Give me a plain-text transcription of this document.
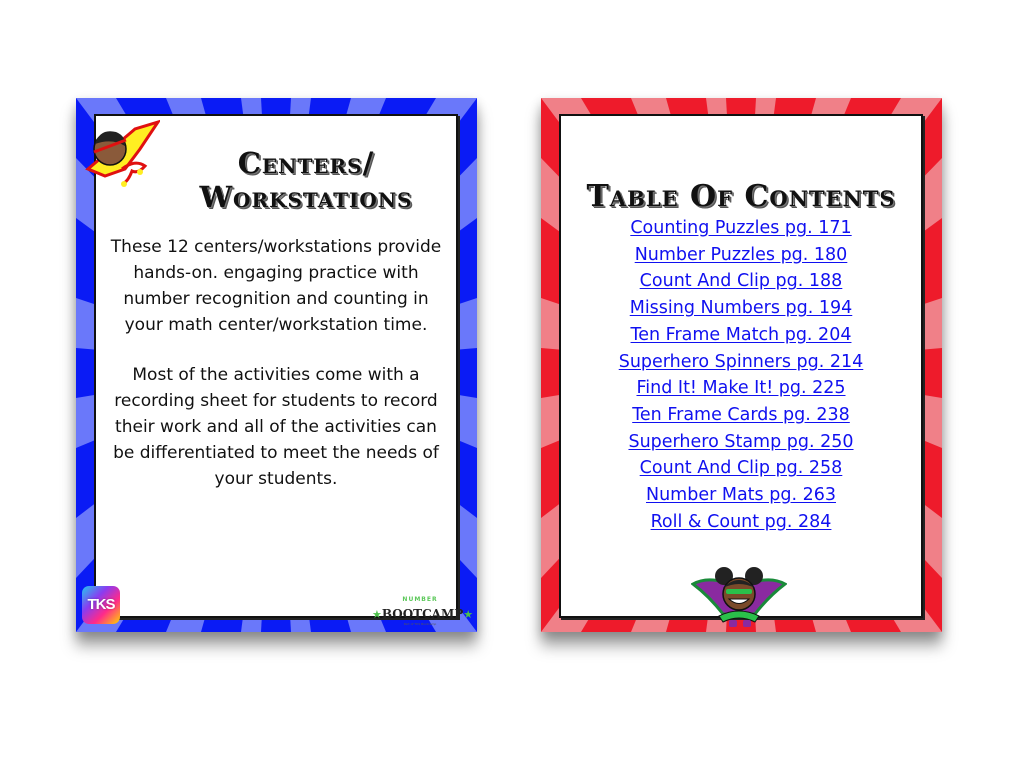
Centers/
Workstations

These 12 centers/workstations provide hands-on. engaging practice with number recognition and counting in your math center/workstation time.

Most of the activities come with a recording sheet for students to record their work and all of the activities can be differentiated to meet the needs of your students.

NUMBER
★BOOTCAMP★
Part of TKS Bootcamp
TKS
Table Of Contents
Counting Puzzles pg. 171
Number Puzzles pg. 180
Count And Clip pg. 188
Missing Numbers pg. 194
Ten Frame Match pg. 204
Superhero Spinners pg. 214
Find It! Make It! pg. 225
Ten Frame Cards pg. 238
Superhero Stamp pg. 250
Count And Clip pg. 258
Number Mats pg. 263
Roll & Count pg. 284
